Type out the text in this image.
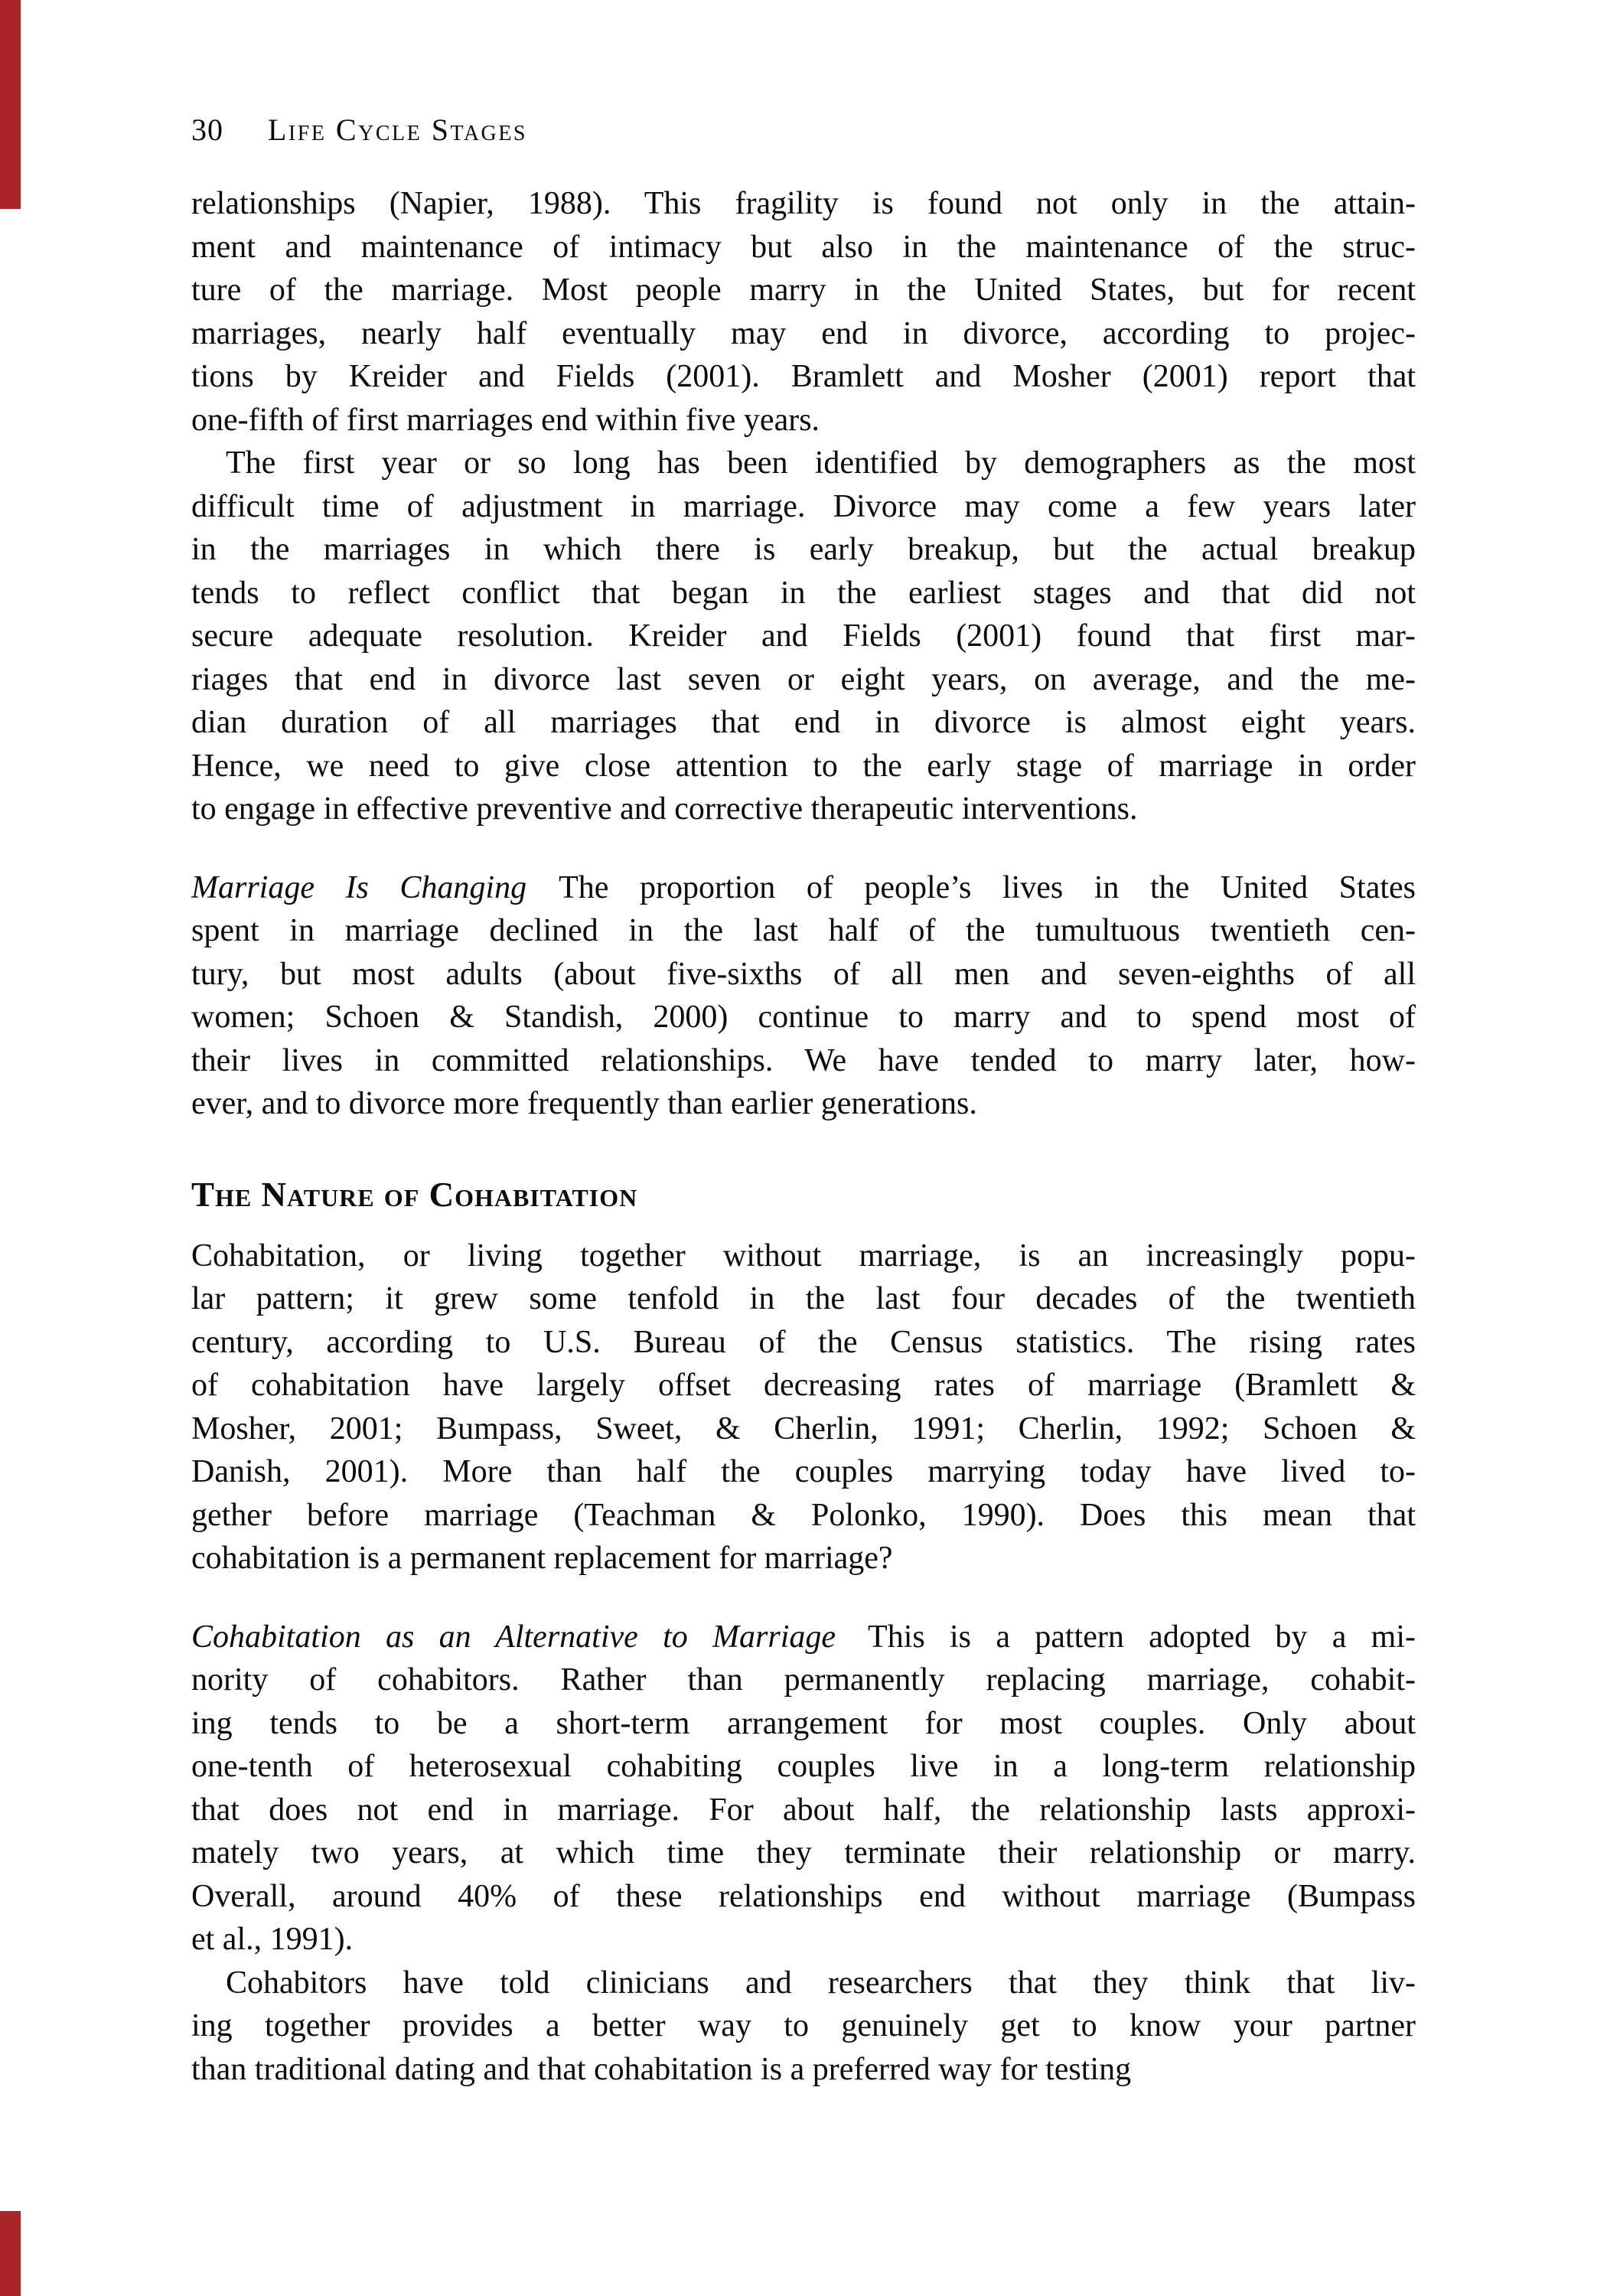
30 Life Cycle Stages
relationships (Napier, 1988). This fragility is found not only in the attain-
ment and maintenance of intimacy but also in the maintenance of the struc-
ture of the marriage. Most people marry in the United States, but for recent
marriages, nearly half eventually may end in divorce, according to projec-
tions by Kreider and Fields (2001). Bramlett and Mosher (2001) report that
one-fifth of first marriages end within five years.
The first year or so long has been identified by demographers as the most
difficult time of adjustment in marriage. Divorce may come a few years later
in the marriages in which there is early breakup, but the actual breakup
tends to reflect conflict that began in the earliest stages and that did not
secure adequate resolution. Kreider and Fields (2001) found that first mar-
riages that end in divorce last seven or eight years, on average, and the me-
dian duration of all marriages that end in divorce is almost eight years.
Hence, we need to give close attention to the early stage of marriage in order
to engage in effective preventive and corrective therapeutic interventions.
Marriage Is Changing The proportion of people’s lives in the United States
spent in marriage declined in the last half of the tumultuous twentieth cen-
tury, but most adults (about five-sixths of all men and seven-eighths of all
women; Schoen & Standish, 2000) continue to marry and to spend most of
their lives in committed relationships. We have tended to marry later, how-
ever, and to divorce more frequently than earlier generations.
The Nature of Cohabitation
Cohabitation, or living together without marriage, is an increasingly popu-
lar pattern; it grew some tenfold in the last four decades of the twentieth
century, according to U.S. Bureau of the Census statistics. The rising rates
of cohabitation have largely offset decreasing rates of marriage (Bramlett &
Mosher, 2001; Bumpass, Sweet, & Cherlin, 1991; Cherlin, 1992; Schoen &
Danish, 2001). More than half the couples marrying today have lived to-
gether before marriage (Teachman & Polonko, 1990). Does this mean that
cohabitation is a permanent replacement for marriage?
Cohabitation as an Alternative to Marriage This is a pattern adopted by a mi-
nority of cohabitors. Rather than permanently replacing marriage, cohabit-
ing tends to be a short-term arrangement for most couples. Only about
one-tenth of heterosexual cohabiting couples live in a long-term relationship
that does not end in marriage. For about half, the relationship lasts approxi-
mately two years, at which time they terminate their relationship or marry.
Overall, around 40% of these relationships end without marriage (Bumpass
et al., 1991).
Cohabitors have told clinicians and researchers that they think that liv-
ing together provides a better way to genuinely get to know your partner
than traditional dating and that cohabitation is a preferred way for testing
